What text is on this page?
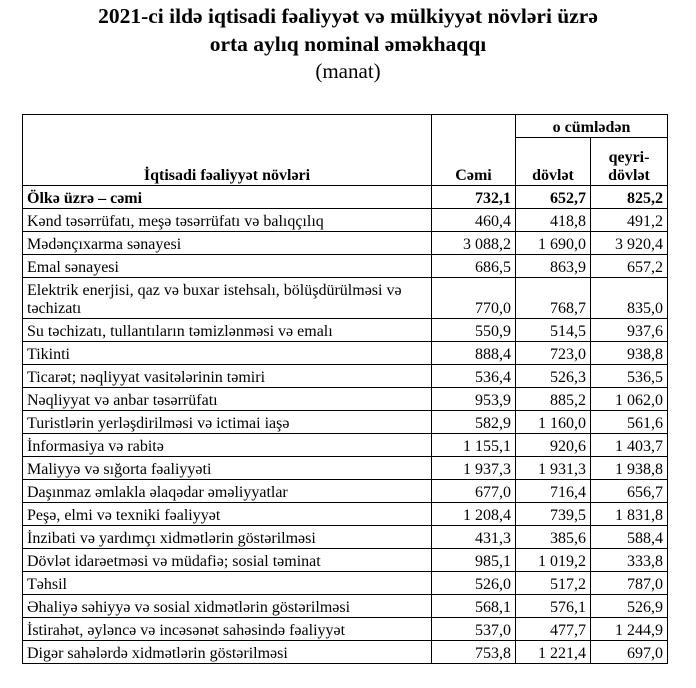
2021-ci ildə iqtisadi fəaliyyət və mülkiyyət növləri üzrə
orta aylıq nominal əməkhaqqı
(manat)
İqtisadi fəaliyyət növləri	Cəmi	o cümlədən	
		dövlət	qeyri-dövlət
Ölkə üzrə – cəmi	732,1	652,7	825,2
Kənd təsərrüfatı, meşə təsərrüfatı və balıqçılıq	460,4	418,8	491,2
Mədənçıxarma sənayesi	3 088,2	1 690,0	3 920,4
Emal sənayesi	686,5	863,9	657,2
Elektrik enerjisi, qaz və buxar istehsalı, bölüşdürülməsi və təchizatı	770,0	768,7	835,0
Su təchizatı, tullantıların təmizlənməsi və emalı	550,9	514,5	937,6
Tikinti	888,4	723,0	938,8
Ticarət; nəqliyyat vasitələrinin təmiri	536,4	526,3	536,5
Nəqliyyat və anbar təsərrüfatı	953,9	885,2	1 062,0
Turistlərin yerləşdirilməsi və ictimai iaşə	582,9	1 160,0	561,6
İnformasiya və rabitə	1 155,1	920,6	1 403,7
Maliyyə və sığorta fəaliyyəti	1 937,3	1 931,3	1 938,8
Daşınmaz əmlakla əlaqədar əməliyyatlar	677,0	716,4	656,7
Peşə, elmi və texniki fəaliyyət	1 208,4	739,5	1 831,8
İnzibati və yardımçı xidmətlərin göstərilməsi	431,3	385,6	588,4
Dövlət idarəetməsi və müdafiə; sosial təminat	985,1	1 019,2	333,8
Təhsil	526,0	517,2	787,0
Əhaliyə səhiyyə və sosial xidmətlərin göstərilməsi	568,1	576,1	526,9
İstirahət, əyləncə və incəsənət sahəsində fəaliyyət	537,0	477,7	1 244,9
Digər sahələrdə xidmətlərin göstərilməsi	753,8	1 221,4	697,0
